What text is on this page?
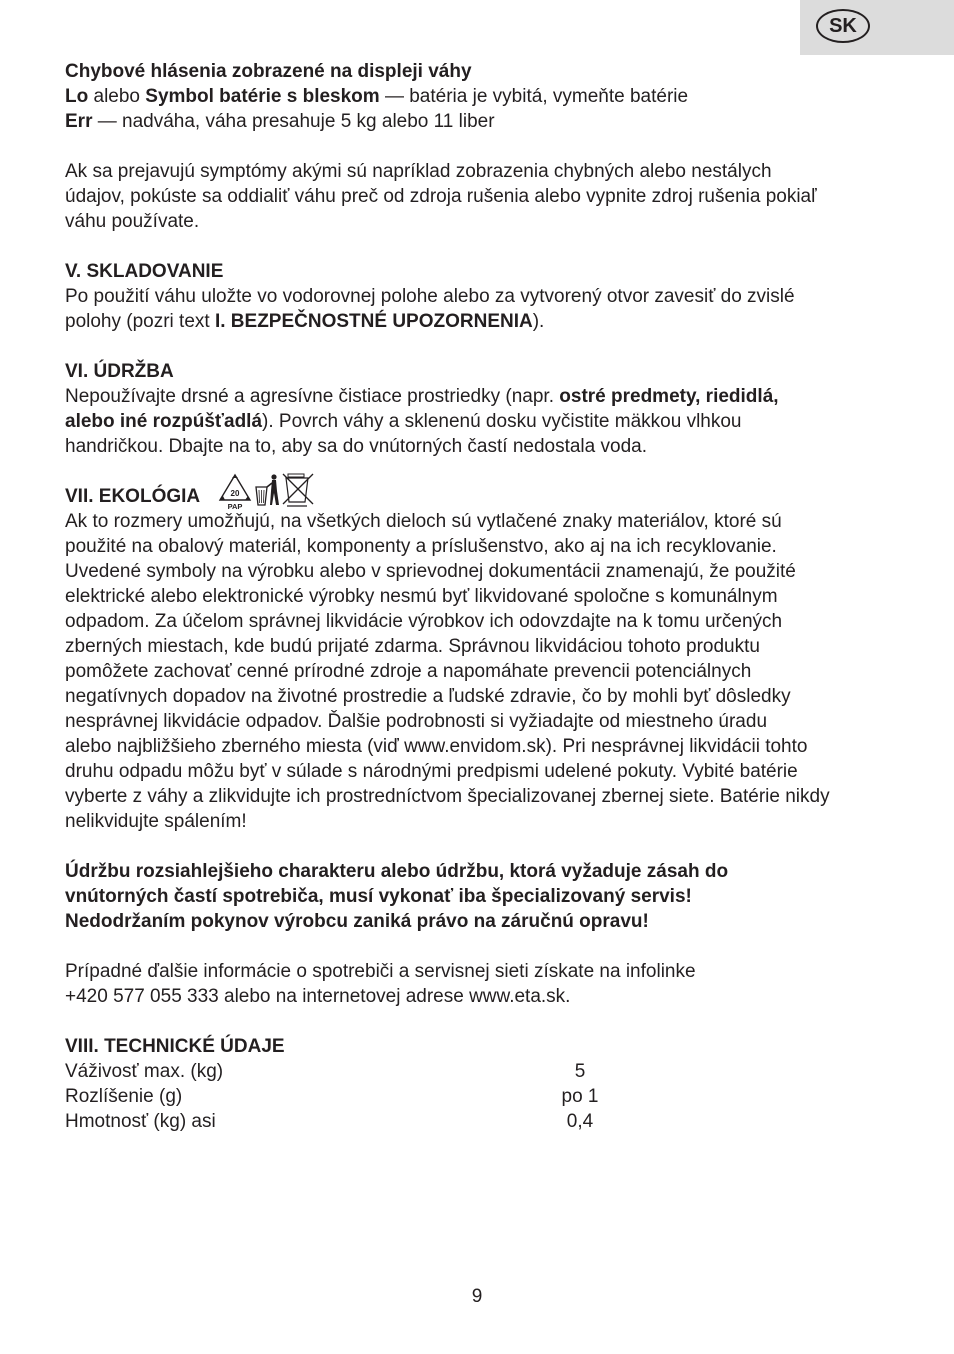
SK

Chybové hlásenia zobrazené na displeji váhy

Lo alebo Symbol batérie s bleskom — batéria je vybitá, vymeňte batérie

Err — nadváha, váha presahuje 5 kg alebo 11 liber

Ak sa prejavujú symptómy akými sú napríklad zobrazenia chybných alebo nestálych

údajov, pokúste sa oddialiť váhu preč od zdroja rušenia alebo vypnite zdroj rušenia pokiaľ

váhu používate.

V. SKLADOVANIE

Po použití váhu uložte vo vodorovnej polohe alebo za vytvorený otvor zavesiť do zvislé

polohy (pozri text I. BEZPEČNOSTNÉ UPOZORNENIA).

VI. ÚDRŽBA

Nepoužívajte drsné a agresívne čistiace prostriedky (napr. ostré predmety, riedidlá,

alebo iné rozpúšťadlá). Povrch váhy a sklenenú dosku vyčistite mäkkou vlhkou

handričkou. Dbajte na to, aby sa do vnútorných častí nedostala voda.

VII. EKOLÓGIA	20
PAP

Ak to rozmery umožňujú, na všetkých dieloch sú vytlačené znaky materiálov, ktoré sú

použité na obalový materiál, komponenty a príslušenstvo, ako aj na ich recyklovanie.

Uvedené symboly na výrobku alebo v sprievodnej dokumentácii znamenajú, že použité

elektrické alebo elektronické výrobky nesmú byť likvidované spoločne s komunálnym

odpadom. Za účelom správnej likvidácie výrobkov ich odovzdajte na k tomu určených

zberných miestach, kde budú prijaté zdarma. Správnou likvidáciou tohoto produktu

pomôžete zachovať cenné prírodné zdroje a napomáhate prevencii potenciálnych

negatívnych dopadov na životné prostredie a ľudské zdravie, čo by mohli byť dôsledky

nesprávnej likvidácie odpadov. Ďalšie podrobnosti si vyžiadajte od miestneho úradu

alebo najbližšieho zberného miesta (viď www.envidom.sk). Pri nesprávnej likvidácii tohto

druhu odpadu môžu byť v súlade s národnými predpismi udelené pokuty. Vybité batérie

vyberte z váhy a zlikvidujte ich prostredníctvom špecializovanej zbernej siete. Batérie nikdy

nelikvidujte spálením!

Údržbu rozsiahlejšieho charakteru alebo údržbu, ktorá vyžaduje zásah do

vnútorných častí spotrebiča, musí vykonať iba špecializovaný servis!

Nedodržaním pokynov výrobcu zaniká právo na záručnú opravu!

Prípadné ďalšie informácie o spotrebiči a servisnej sieti získate na infolinke

+420 577 055 333 alebo na internetovej adrese www.eta.sk.

VIII. TECHNICKÉ ÚDAJE

Váživosť max. (kg)	5
Rozlíšenie (g)	po 1
Hmotnosť (kg) asi	0,4
9
